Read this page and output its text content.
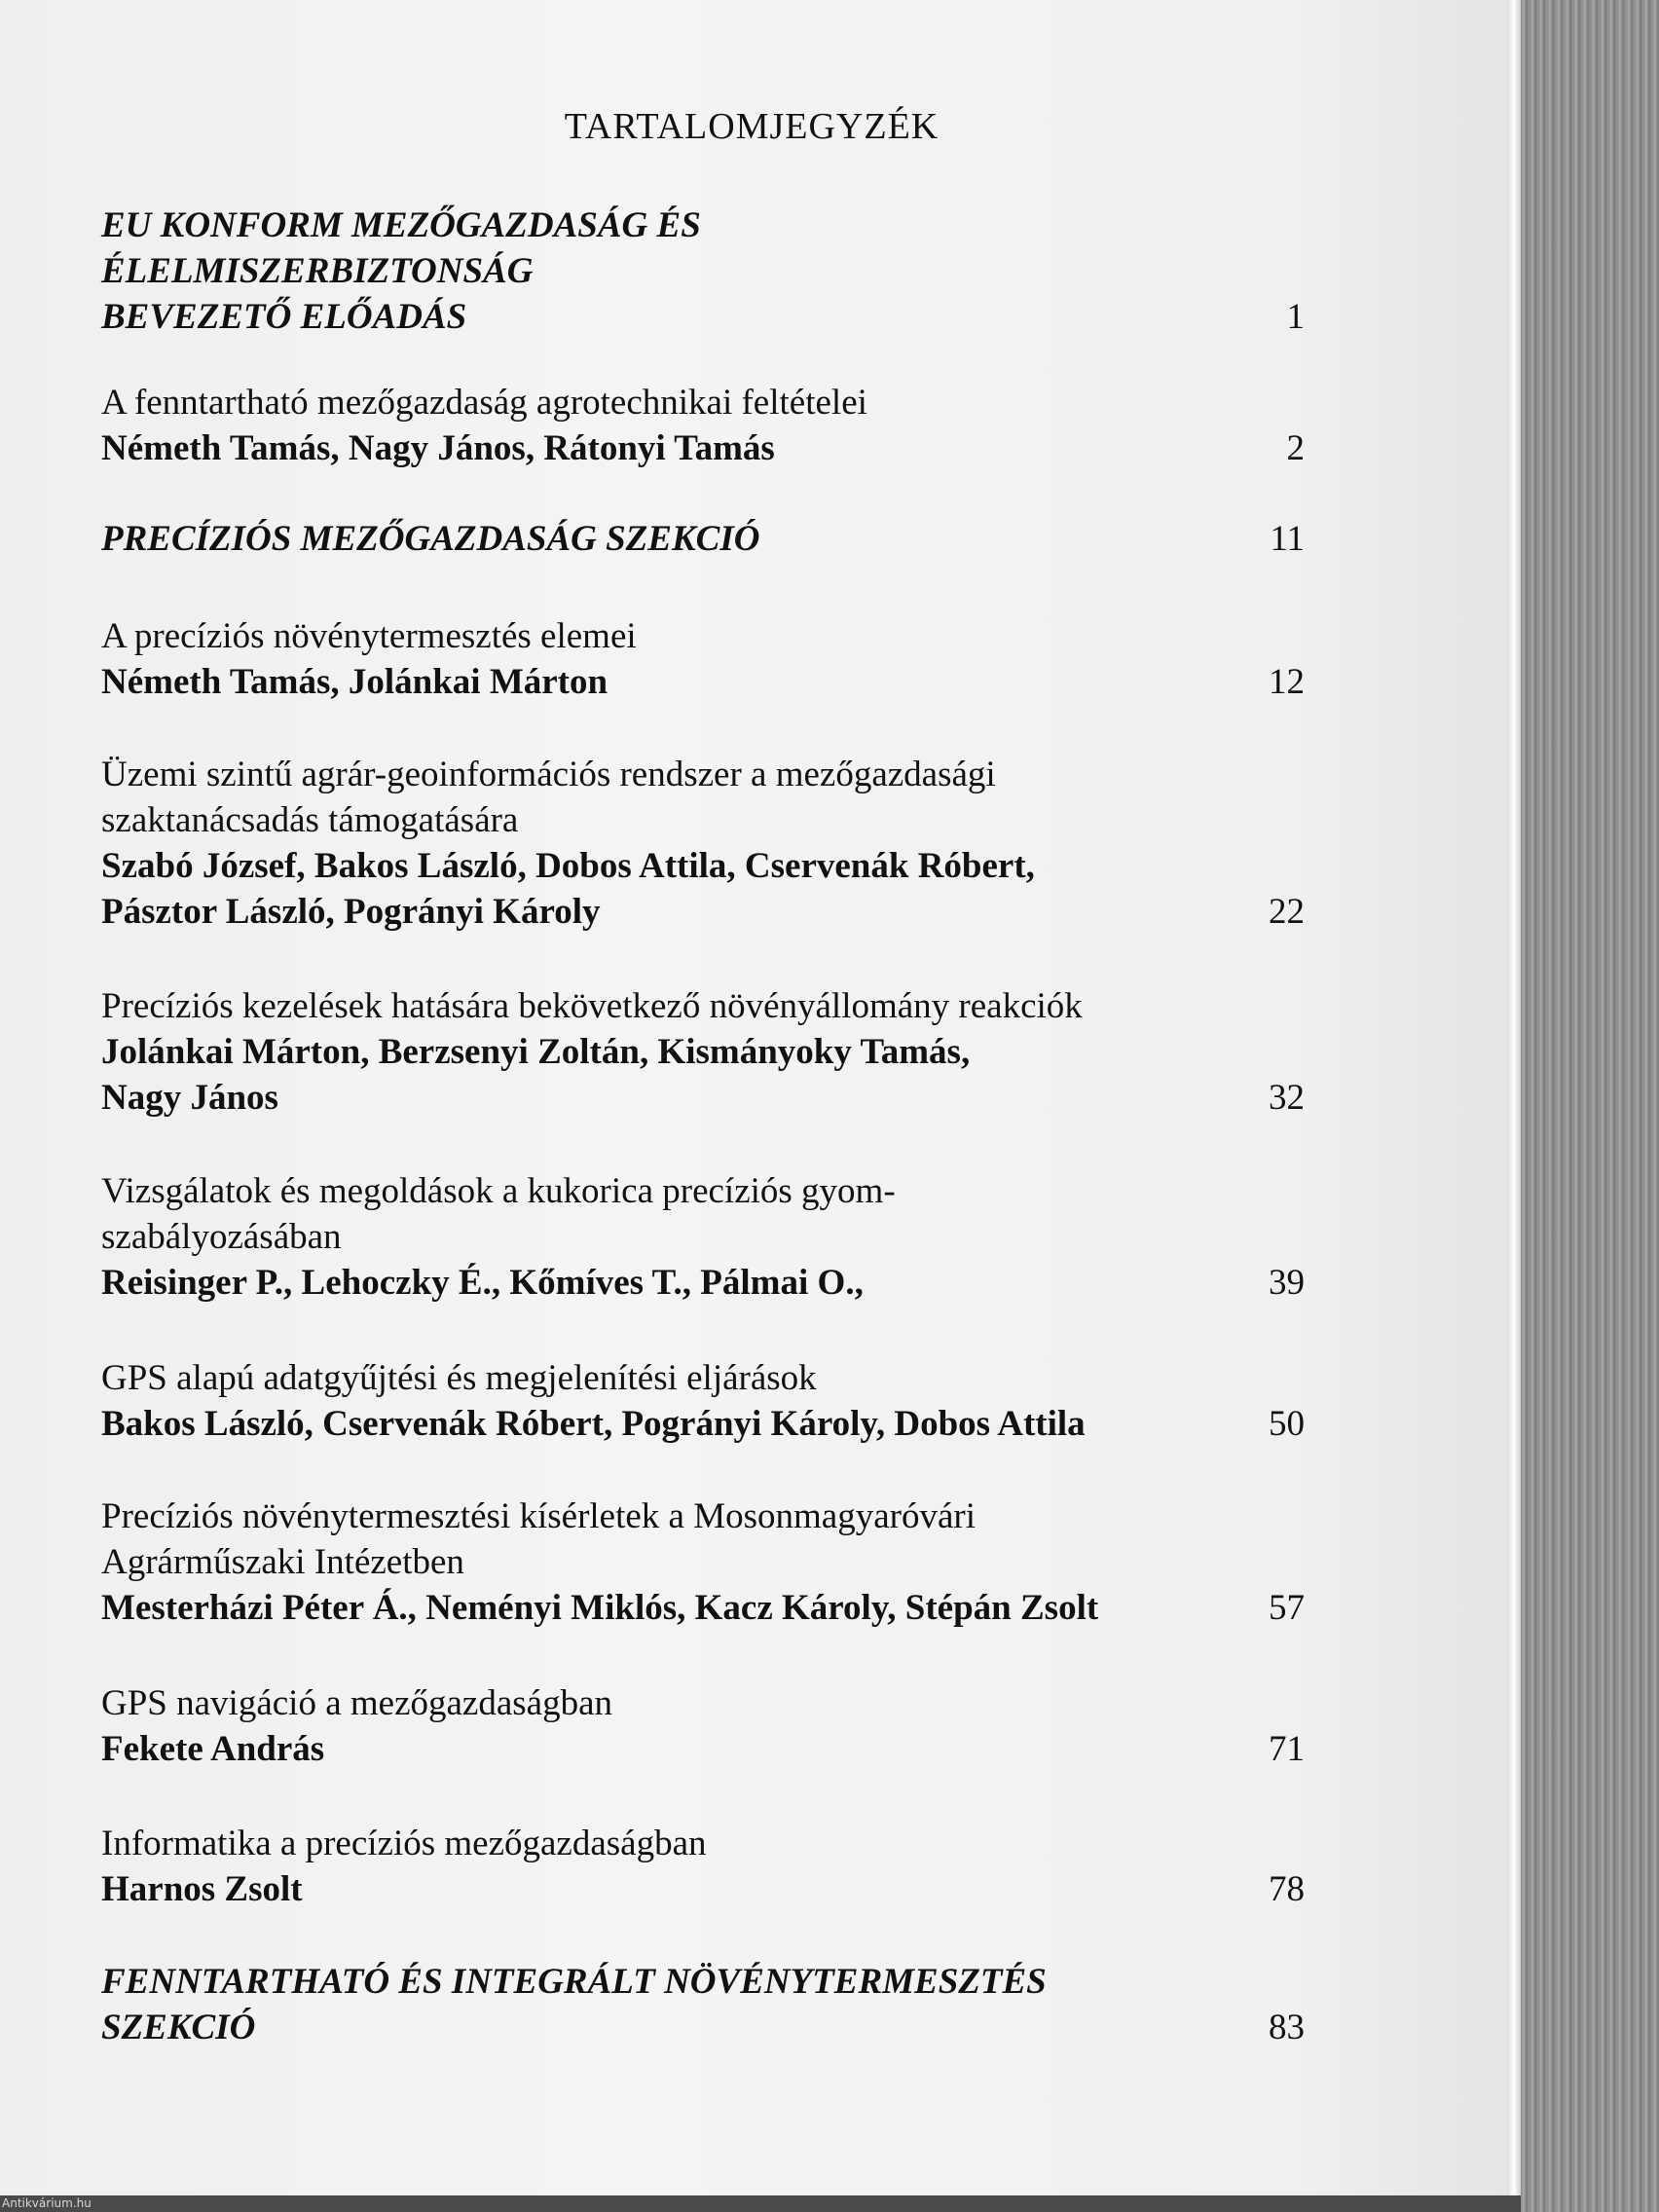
TARTALOMJEGYZÉK
EU KONFORM MEZŐGAZDASÁG ÉS
ÉLELMISZERBIZTONSÁG
BEVEZETŐ ELŐADÁS	1
A fenntartható mezőgazdaság agrotechnikai feltételei
Németh Tamás, Nagy János, Rátonyi Tamás	2
PRECÍZIÓS MEZŐGAZDASÁG SZEKCIÓ	11
A precíziós növénytermesztés elemei
Németh Tamás, Jolánkai Márton	12
Üzemi szintű agrár-geoinformációs rendszer a mezőgazdasági
szaktanácsadás támogatására
Szabó József, Bakos László, Dobos Attila, Cservenák Róbert,
Pásztor László, Pogrányi Károly	22
Precíziós kezelések hatására bekövetkező növényállomány reakciók
Jolánkai Márton, Berzsenyi Zoltán, Kismányoky Tamás,
Nagy János	32
Vizsgálatok és megoldások a kukorica precíziós gyom-
szabályozásában
Reisinger P., Lehoczky É., Kőmíves T., Pálmai O.,	39
GPS alapú adatgyűjtési és megjelenítési eljárások
Bakos László, Cservenák Róbert, Pogrányi Károly, Dobos Attila	50
Precíziós növénytermesztési kísérletek a Mosonmagyaróvári
Agrárműszaki Intézetben
Mesterházi Péter Á., Neményi Miklós, Kacz Károly, Stépán Zsolt	57
GPS navigáció a mezőgazdaságban
Fekete András	71
Informatika a precíziós mezőgazdaságban
Harnos Zsolt	78
FENNTARTHATÓ ÉS INTEGRÁLT NÖVÉNYTERMESZTÉS
SZEKCIÓ	83
Antikvárium.hu
